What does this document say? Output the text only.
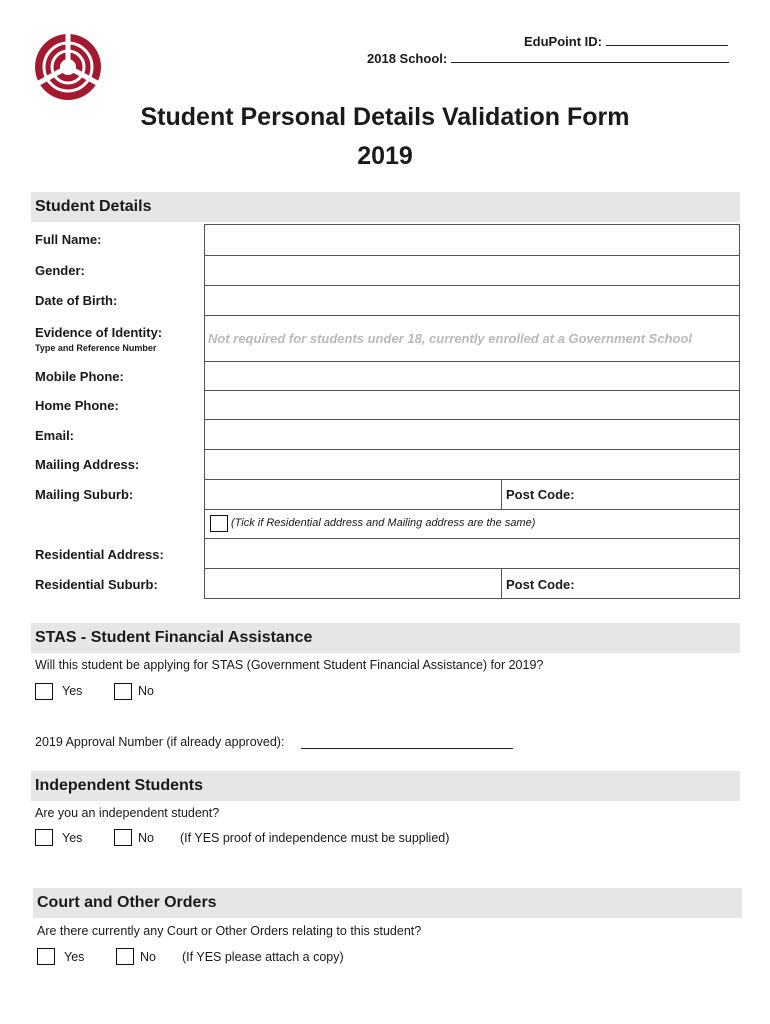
EduPoint ID:
2018 School:
Student Personal Details Validation Form
2019
Student Details
Full Name:
Gender:
Date of Birth:
Evidence of Identity:
Type and Reference Number
Not required for students under 18, currently enrolled at a Government School
Mobile Phone:
Home Phone:
Email:
Mailing Address:
Mailing Suburb:	Post Code:
(Tick if Residential address and Mailing address are the same)
Residential Address:
Residential Suburb:	Post Code:
STAS - Student Financial Assistance
Will this student be applying for STAS (Government Student Financial Assistance) for 2019?
Yes	No
2019 Approval Number (if already approved):
Independent Students
Are you an independent student?
Yes	No (If YES proof of independence must be supplied)
Court and Other Orders
Are there currently any Court or Other Orders relating to this student?
Yes	No (If YES please attach a copy)
